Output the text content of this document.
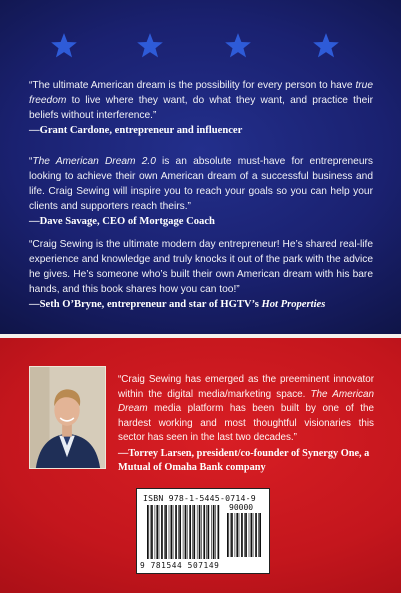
“The ultimate American dream is the possibility for every person to have true freedom to live where they want, do what they want, and practice their beliefs without interference.”

—Grant Cardone, entrepreneur and influencer

“The American Dream 2.0 is an absolute must-have for entrepreneurs looking to achieve their own American dream of a successful business and life. Craig Sewing will inspire you to reach your goals so you can help your clients and supporters reach theirs.”

—Dave Savage, CEO of Mortgage Coach

“Craig Sewing is the ultimate modern day entrepreneur! He’s shared real-life experience and knowledge and truly knocks it out of the park with the advice he gives. He’s someone who’s built their own American dream with his bare hands, and this book shares how you can too!”

—Seth O’Bryne, entrepreneur and star of HGTV’s Hot Properties

“Craig Sewing has emerged as the preeminent innovator within the digital media/marketing space. The American Dream media platform has been built by one of the hardest working and most thoughtful visionaries this sector has seen in the last two decades.”

—Torrey Larsen, president/co-founder of Synergy One, a Mutual of Omaha Bank company

ISBN 978-1-5445-0714-9
90000
9 781544 507149
